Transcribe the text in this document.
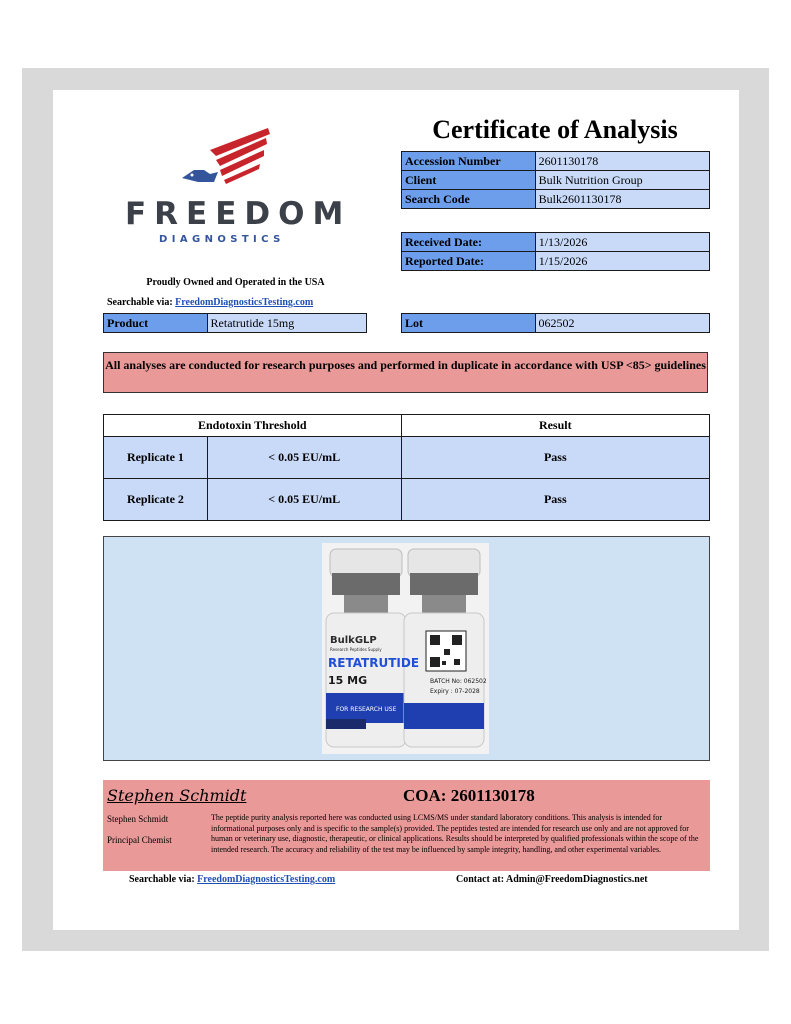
FREEDOM
DIAGNOSTICS
Proudly Owned and Operated in the USA
Searchable via: FreedomDiagnosticsTesting.com
Certificate of Analysis
Accession Number	2601130178
Client	Bulk Nutrition Group
Search Code	Bulk2601130178
Received Date:	1/13/2026
Reported Date:	1/15/2026
Product	Retatrutide 15mg	Lot	062502
All analyses are conducted for research purposes and performed in duplicate in accordance with USP <85> guidelines
Endotoxin Threshold		Result
Replicate 1	< 0.05 EU/mL	Pass
Replicate 2	< 0.05 EU/mL	Pass
BulkGLP
Research Peptides Supply
RETATRUTIDE
15 MG
FOR RESEARCH USE
BATCH No: 062502
Expiry : 07-2028
Stephen Schmidt	COA: 2601130178
Stephen Schmidt
Principal Chemist
The peptide purity analysis reported here was conducted using LCMS/MS under standard laboratory conditions. This analysis is intended for informational purposes only and is specific to the sample(s) provided. The peptides tested are intended for research use only and are not approved for human or veterinary use, diagnostic, therapeutic, or clinical applications. Results should be interpreted by qualified professionals within the scope of the intended research. The accuracy and reliability of the test may be influenced by sample integrity, handling, and other experimental variables.
Searchable via: FreedomDiagnosticsTesting.com	Contact at: Admin@FreedomDiagnostics.net
